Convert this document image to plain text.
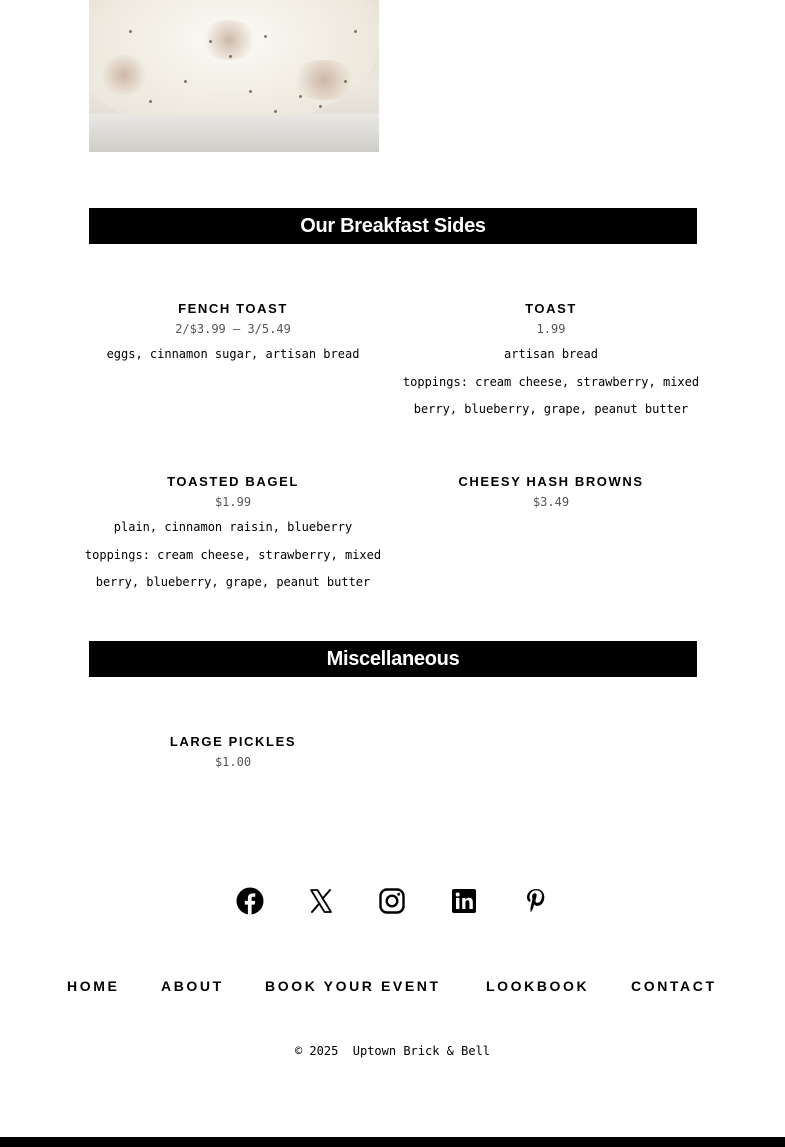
Our Breakfast Sides
FENCH TOAST
2/$3.99 – 3/5.49
eggs, cinnamon sugar, artisan bread
TOAST
1.99
artisan bread
toppings: cream cheese, strawberry, mixed
berry, blueberry, grape, peanut butter
TOASTED BAGEL
$1.99
plain, cinnamon raisin, blueberry
toppings: cream cheese, strawberry, mixed
berry, blueberry, grape, peanut butter
CHEESY HASH BROWNS
$3.49
Miscellaneous
LARGE PICKLES
$1.00
HOME	ABOUT	BOOK YOUR EVENT	LOOKBOOK	CONTACT
© 2025  Uptown Brick & Bell
